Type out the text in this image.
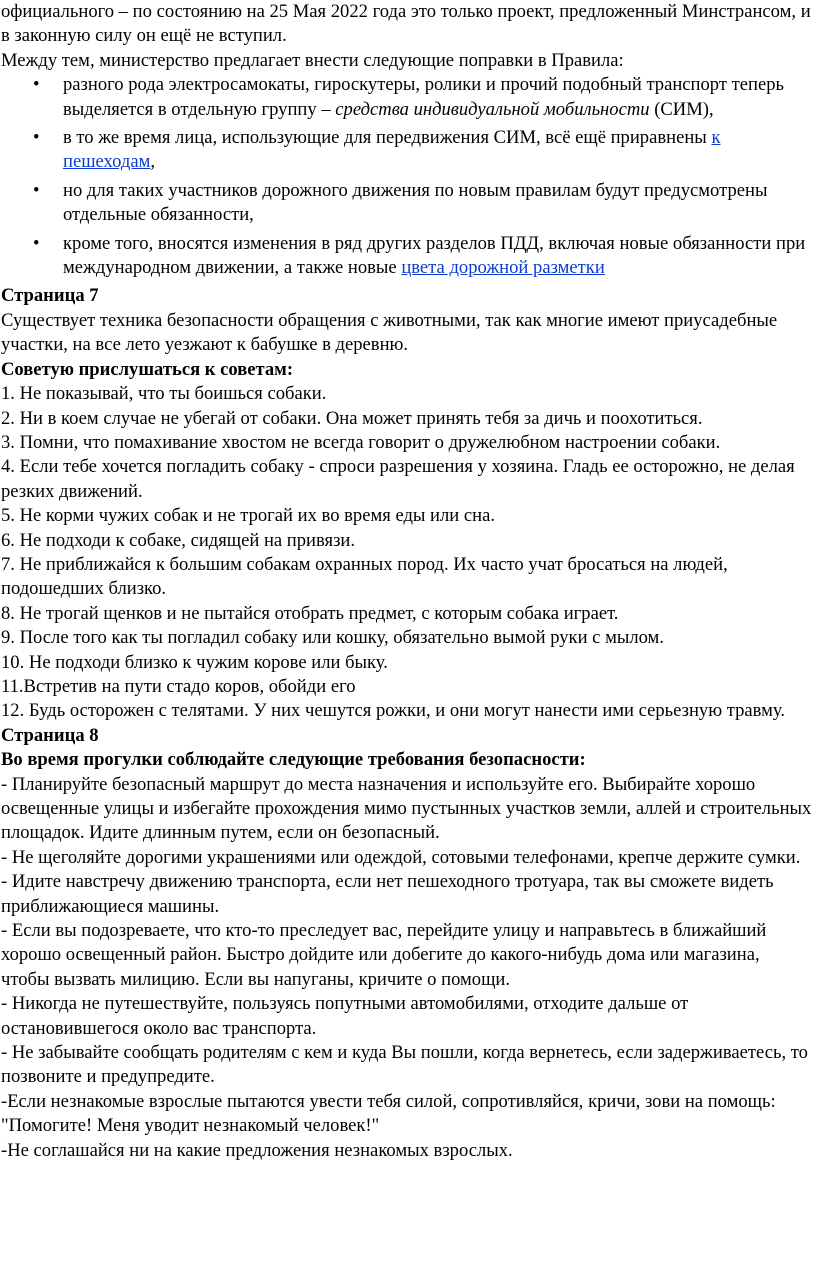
официального – по состоянию на 25 Мая 2022 года это только проект, предложенный Минстрансом, и в законную силу он ещё не вступил.

Между тем, министерство предлагает внести следующие поправки в Правила:

• разного рода электросамокаты, гироскутеры, ролики и прочий подобный транспорт теперь выделяется в отдельную группу – средства индивидуальной мобильности (СИМ),
• в то же время лица, использующие для передвижения СИМ, всё ещё приравнены к пешеходам,
• но для таких участников дорожного движения по новым правилам будут предусмотрены отдельные обязанности,
• кроме того, вносятся изменения в ряд других разделов ПДД, включая новые обязанности при международном движении, а также новые цвета дорожной разметки

Страница 7

Существует техника безопасности обращения с животными, так как многие имеют приусадебные участки, на все лето уезжают к бабушке в деревню.

Советую прислушаться к советам:

1. Не показывай, что ты боишься собаки.

2. Ни в коем случае не убегай от собаки. Она может принять тебя за дичь и поохотиться.

3. Помни, что помахивание хвостом не всегда говорит о дружелюбном настроении собаки.

4. Если тебе хочется погладить собаку - спроси разрешения у хозяина. Гладь ее осторожно, не делая резких движений.

5. Не корми чужих собак и не трогай их во время еды или сна.

6. Не подходи к собаке, сидящей на привязи.

7. Не приближайся к большим собакам охранных пород. Их часто учат бросаться на людей, подошедших близко.

8. Не трогай щенков и не пытайся отобрать предмет, с которым собака играет.

9. После того как ты погладил собаку или кошку, обязательно вымой руки с мылом.

10. Не подходи близко к чужим корове или быку.

11.Встретив на пути стадо коров, обойди его

12. Будь осторожен с телятами. У них чешутся рожки, и они могут нанести ими серьезную травму.

Страница 8

Во время прогулки соблюдайте следующие требования безопасности:

- Планируйте безопасный маршрут до места назначения и используйте его. Выбирайте хорошо освещенные улицы и избегайте прохождения мимо пустынных участков земли, аллей и строительных площадок. Идите длинным путем, если он безопасный.

- Не щеголяйте дорогими украшениями или одеждой, сотовыми телефонами, крепче держите сумки.

- Идите навстречу движению транспорта, если нет пешеходного тротуара, так вы сможете видеть приближающиеся машины.

- Если вы подозреваете, что кто-то преследует вас, перейдите улицу и направьтесь в ближайший хорошо освещенный район. Быстро дойдите или добегите до какого-нибудь дома или магазина, чтобы вызвать милицию. Если вы напуганы, кричите о помощи.

- Никогда не путешествуйте, пользуясь попутными автомобилями, отходите дальше от остановившегося около вас транспорта.

- Не забывайте сообщать родителям с кем и куда Вы пошли, когда вернетесь, если задерживаетесь, то позвоните и предупредите.

-Если незнакомые взрослые пытаются увести тебя силой, сопротивляйся, кричи, зови на помощь: "Помогите! Меня уводит незнакомый человек!"

-Не соглашайся ни на какие предложения незнакомых взрослых.
